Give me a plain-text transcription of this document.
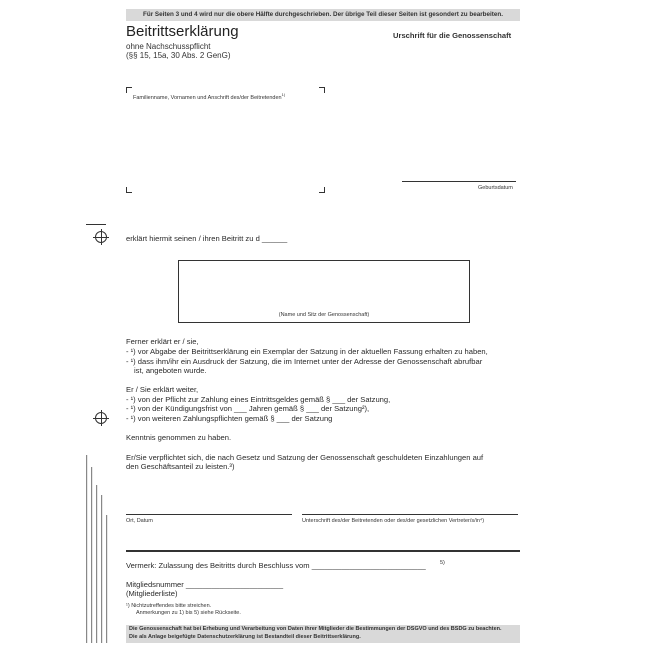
Für Seiten 3 und 4 wird nur die obere Hälfte durchgeschrieben. Der übrige Teil dieser Seiten ist gesondert zu bearbeiten.
Beitrittserklärung
ohne Nachschusspflicht
(§§ 15, 15a, 30 Abs. 2 GenG)
Urschrift für die Genossenschaft
Familienname, Vornamen und Anschrift des/der Beitretenden$^{1)}$
Geburtsdatum
erklärt hiermit seinen / ihren Beitritt zu d ______
(Name und Sitz der Genossenschaft)
Ferner erklärt er / sie,
- ¹) vor Abgabe der Beitrittserklärung ein Exemplar der Satzung in der aktuellen Fassung erhalten zu haben,
- ¹) dass ihm/ihr ein Ausdruck der Satzung, die im Internet unter der Adresse der Genossenschaft abrufbar
ist, angeboten wurde.
Er / Sie erklärt weiter,
- ¹) von der Pflicht zur Zahlung eines Eintrittsgeldes gemäß § ___ der Satzung,
- ¹) von der Kündigungsfrist von ___ Jahren gemäß § ___ der Satzung²),
- ¹) von weiteren Zahlungspflichten gemäß § ___ der Satzung
Kenntnis genommen zu haben.
Er/Sie verpflichtet sich, die nach Gesetz und Satzung der Genossenschaft geschuldeten Einzahlungen auf
den Geschäftsanteil zu leisten.³)
Ort, Datum	Unterschrift des/der Beitretenden oder des/der gesetzlichen Vertreter/s/in⁴)
Vermerk: Zulassung des Beitritts durch Beschluss vom ___________________________	5)
Mitgliedsnummer _______________________
(Mitgliederliste)
¹) Nichtzutreffendes bitte streichen.
Anmerkungen zu 1) bis 5) siehe Rückseite.
Die Genossenschaft hat bei Erhebung und Verarbeitung von Daten ihrer Mitglieder die Bestimmungen der DSGVO und des BSDG zu beachten.
Die als Anlage beigefügte Datenschutzerklärung ist Bestandteil dieser Beitrittserklärung.
